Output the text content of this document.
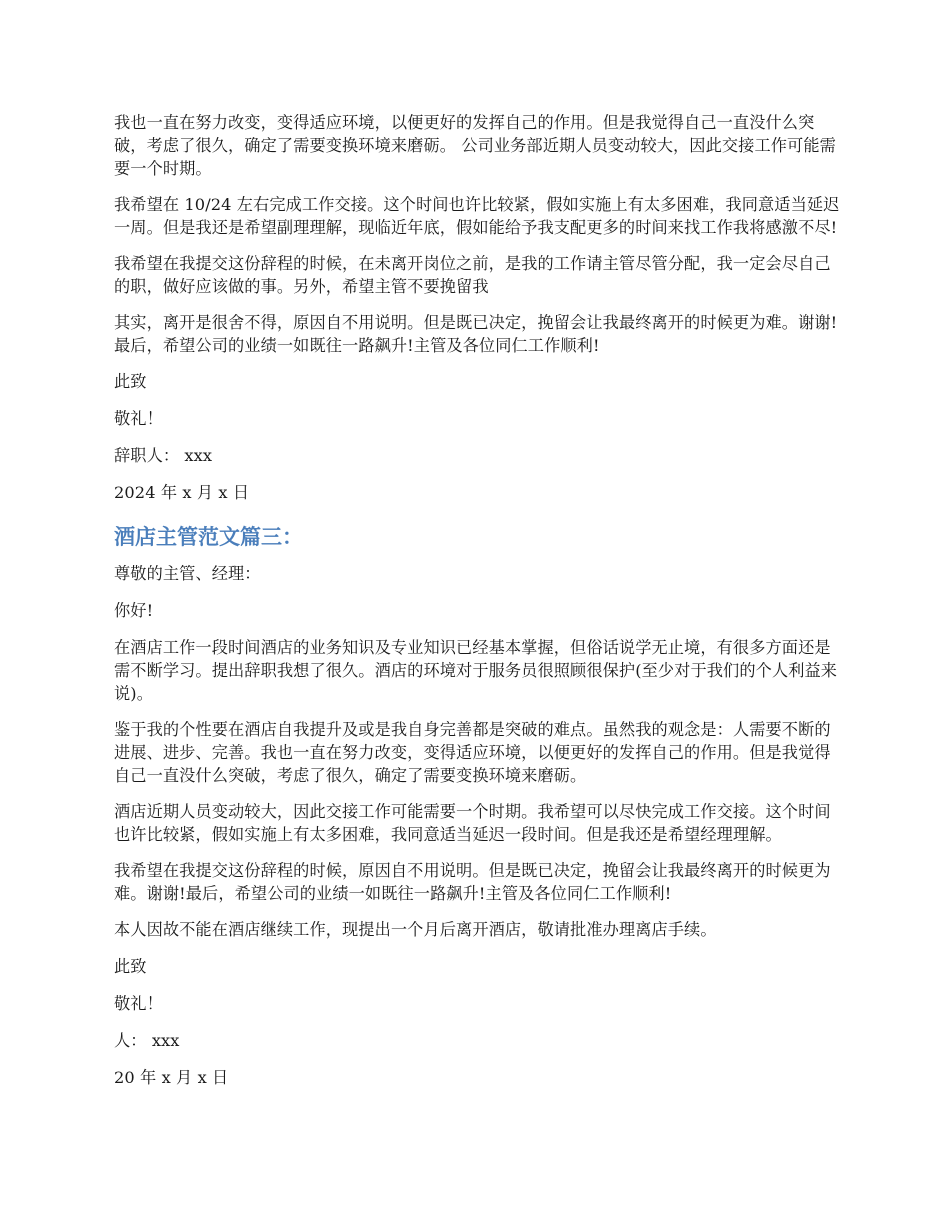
我也一直在努力改变，变得适应环境，以便更好的发挥自己的作用。但是我觉得自己一直没什么突破，考虑了很久，确定了需要变换环境来磨砺。 公司业务部近期人员变动较大，因此交接工作可能需要一个时期。

我希望在 10/24 左右完成工作交接。这个时间也许比较紧，假如实施上有太多困难，我同意适当延迟一周。但是我还是希望副理理解，现临近年底，假如能给予我支配更多的时间来找工作我将感激不尽!

我希望在我提交这份辞程的时候，在未离开岗位之前，是我的工作请主管尽管分配，我一定会尽自己的职，做好应该做的事。另外，希望主管不要挽留我

其实，离开是很舍不得，原因自不用说明。但是既已决定，挽留会让我最终离开的时候更为难。谢谢!最后，希望公司的业绩一如既往一路飙升!主管及各位同仁工作顺利!

此致

敬礼！

辞职人： xxx

2024 年 x 月 x 日

酒店主管范文篇三：

尊敬的主管、经理：

你好!

在酒店工作一段时间酒店的业务知识及专业知识已经基本掌握，但俗话说学无止境，有很多方面还是需不断学习。提出辞职我想了很久。酒店的环境对于服务员很照顾很保护(至少对于我们的个人利益来说)。

鉴于我的个性要在酒店自我提升及或是我自身完善都是突破的难点。虽然我的观念是：人需要不断的进展、进步、完善。我也一直在努力改变，变得适应环境，以便更好的发挥自己的作用。但是我觉得自己一直没什么突破，考虑了很久，确定了需要变换环境来磨砺。

酒店近期人员变动较大，因此交接工作可能需要一个时期。我希望可以尽快完成工作交接。这个时间也许比较紧，假如实施上有太多困难，我同意适当延迟一段时间。但是我还是希望经理理解。

我希望在我提交这份辞程的时候，原因自不用说明。但是既已决定，挽留会让我最终离开的时候更为难。谢谢!最后，希望公司的业绩一如既往一路飙升!主管及各位同仁工作顺利!

本人因故不能在酒店继续工作，现提出一个月后离开酒店，敬请批准办理离店手续。

此致

敬礼！

人： xxx

20 年 x 月 x 日
